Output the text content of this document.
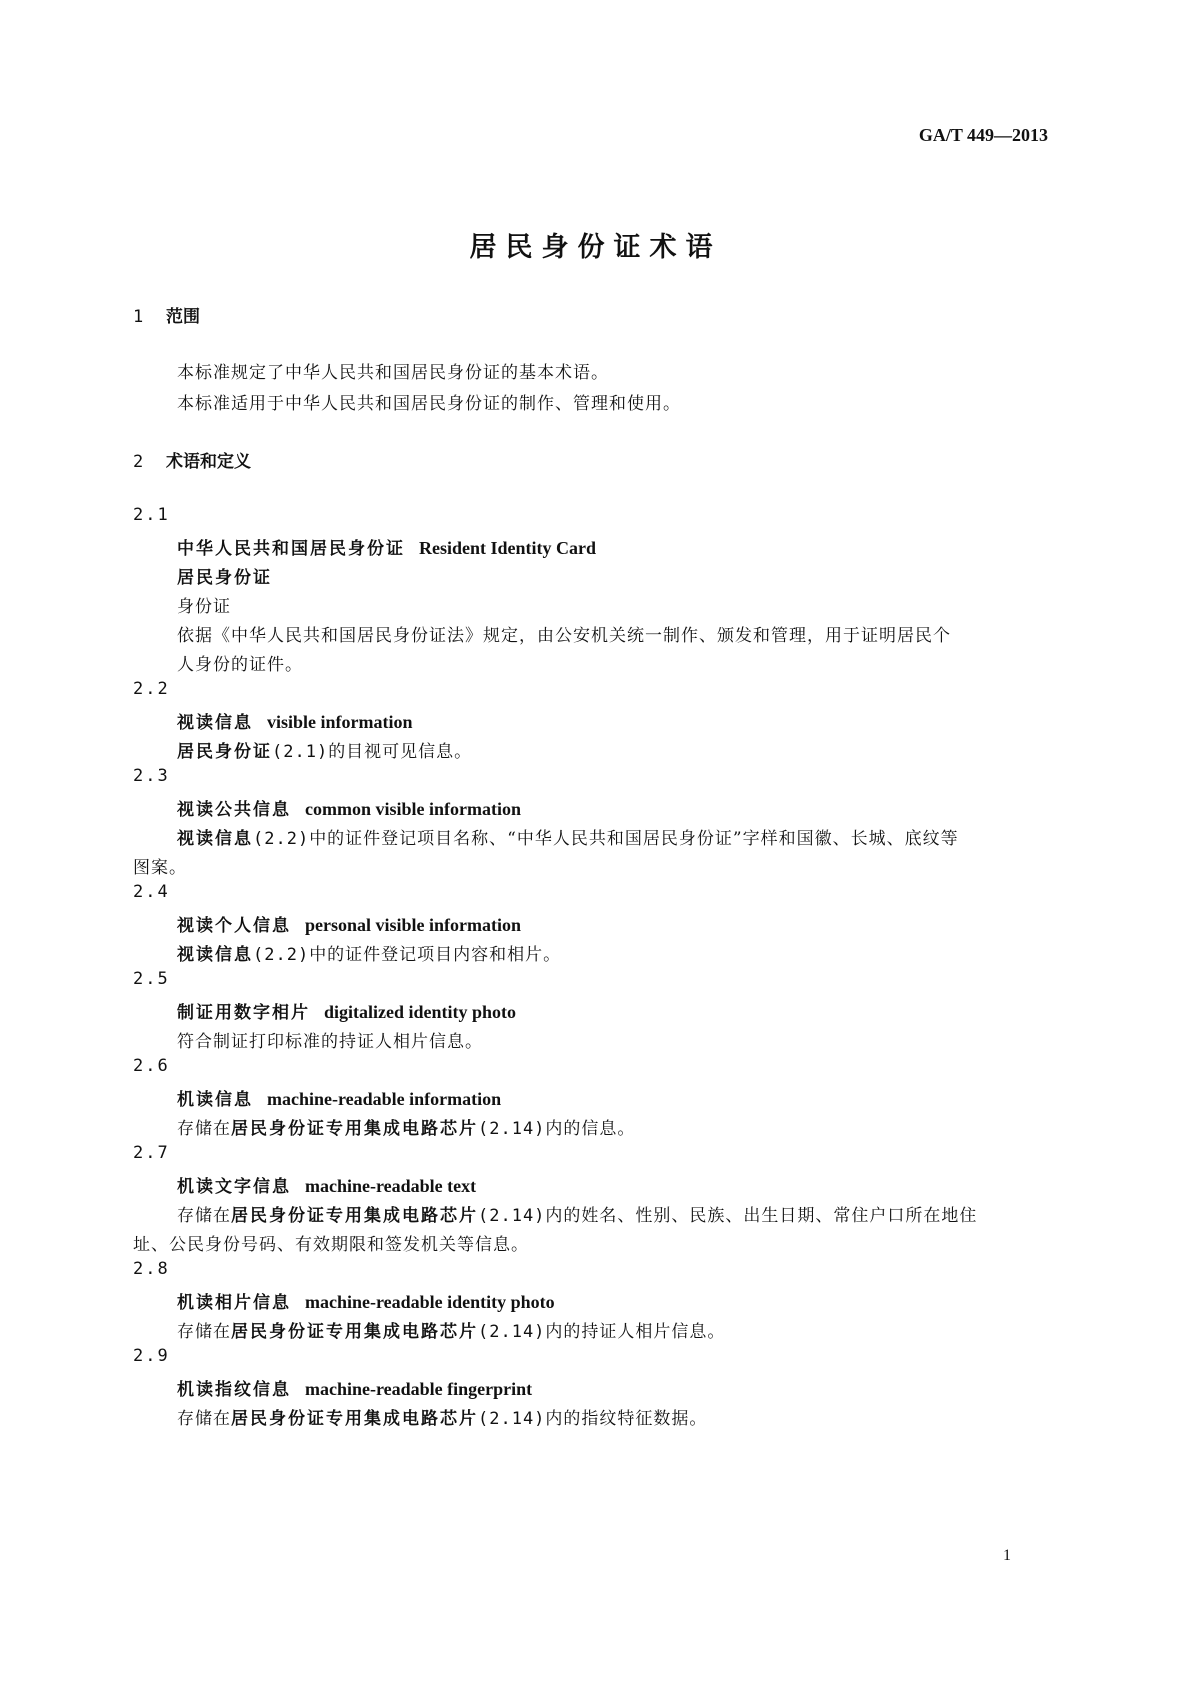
GA/T 449—2013
居民身份证术语
1 范围
本标准规定了中华人民共和国居民身份证的基本术语。
本标准适用于中华人民共和国居民身份证的制作、管理和使用。
2 术语和定义
2.1
中华人民共和国居民身份证 Resident Identity Card
居民身份证
身份证
依据《中华人民共和国居民身份证法》规定，由公安机关统一制作、颁发和管理，用于证明居民个
人身份的证件。
2.2
视读信息 visible information
居民身份证(2.1)的目视可见信息。
2.3
视读公共信息 common visible information
视读信息(2.2)中的证件登记项目名称、“中华人民共和国居民身份证”字样和国徽、长城、底纹等
图案。
2.4
视读个人信息 personal visible information
视读信息(2.2)中的证件登记项目内容和相片。
2.5
制证用数字相片 digitalized identity photo
符合制证打印标准的持证人相片信息。
2.6
机读信息 machine-readable information
存储在居民身份证专用集成电路芯片(2.14)内的信息。
2.7
机读文字信息 machine-readable text
存储在居民身份证专用集成电路芯片(2.14)内的姓名、性别、民族、出生日期、常住户口所在地住
址、公民身份号码、有效期限和签发机关等信息。
2.8
机读相片信息 machine-readable identity photo
存储在居民身份证专用集成电路芯片(2.14)内的持证人相片信息。
2.9
机读指纹信息 machine-readable fingerprint
存储在居民身份证专用集成电路芯片(2.14)内的指纹特征数据。
1
